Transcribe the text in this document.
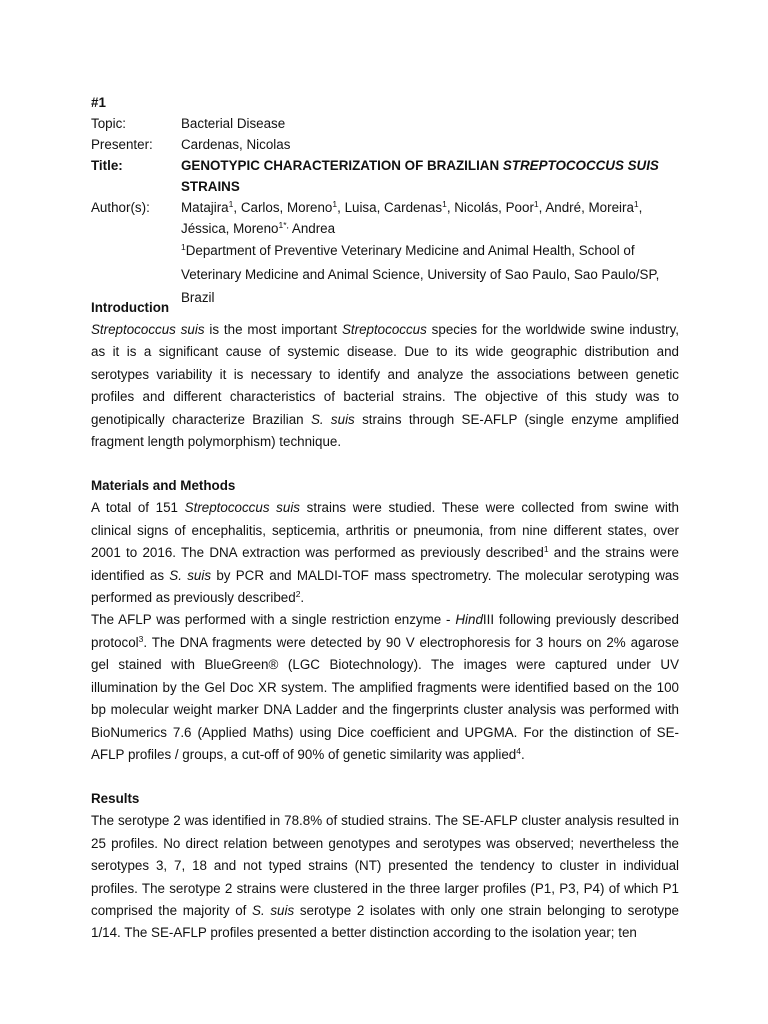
#1
Topic:	Bacterial Disease
Presenter:	Cardenas, Nicolas
Title:	GENOTYPIC CHARACTERIZATION OF BRAZILIAN STREPTOCOCCUS SUIS STRAINS
Author(s):	Matajira$^1$, Carlos, Moreno$^1$, Luisa, Cardenas$^1$, Nicolás, Poor$^1$, André, Moreira$^1$, Jéssica, Moreno$^{1*,}$ Andrea
$^1$Department of Preventive Veterinary Medicine and Animal Health, School of Veterinary Medicine and Animal Science, University of Sao Paulo, Sao Paulo/SP, Brazil
Introduction

Streptococcus suis is the most important Streptococcus species for the worldwide swine industry, as it is a significant cause of systemic disease. Due to its wide geographic distribution and serotypes variability it is necessary to identify and analyze the associations between genetic profiles and different characteristics of bacterial strains. The objective of this study was to genotipically characterize Brazilian S. suis strains through SE-AFLP (single enzyme amplified fragment length polymorphism) technique.

Materials and Methods

A total of 151 Streptococcus suis strains were studied. These were collected from swine with clinical signs of encephalitis, septicemia, arthritis or pneumonia, from nine different states, over 2001 to 2016. The DNA extraction was performed as previously described$^1$ and the strains were identified as S. suis by PCR and MALDI-TOF mass spectrometry. The molecular serotyping was performed as previously described$^2$.

The AFLP was performed with a single restriction enzyme - HindIII following previously described protocol$^3$. The DNA fragments were detected by 90 V electrophoresis for 3 hours on 2% agarose gel stained with BlueGreen® (LGC Biotechnology). The images were captured under UV illumination by the Gel Doc XR system. The amplified fragments were identified based on the 100 bp molecular weight marker DNA Ladder and the fingerprints cluster analysis was performed with BioNumerics 7.6 (Applied Maths) using Dice coefficient and UPGMA. For the distinction of SE-AFLP profiles / groups, a cut-off of 90% of genetic similarity was applied$^4$.

Results

The serotype 2 was identified in 78.8% of studied strains. The SE-AFLP cluster analysis resulted in 25 profiles. No direct relation between genotypes and serotypes was observed; nevertheless the serotypes 3, 7, 18 and not typed strains (NT) presented the tendency to cluster in individual profiles. The serotype 2 strains were clustered in the three larger profiles (P1, P3, P4) of which P1 comprised the majority of S. suis serotype 2 isolates with only one strain belonging to serotype 1/14. The SE-AFLP profiles presented a better distinction according to the isolation year; ten
